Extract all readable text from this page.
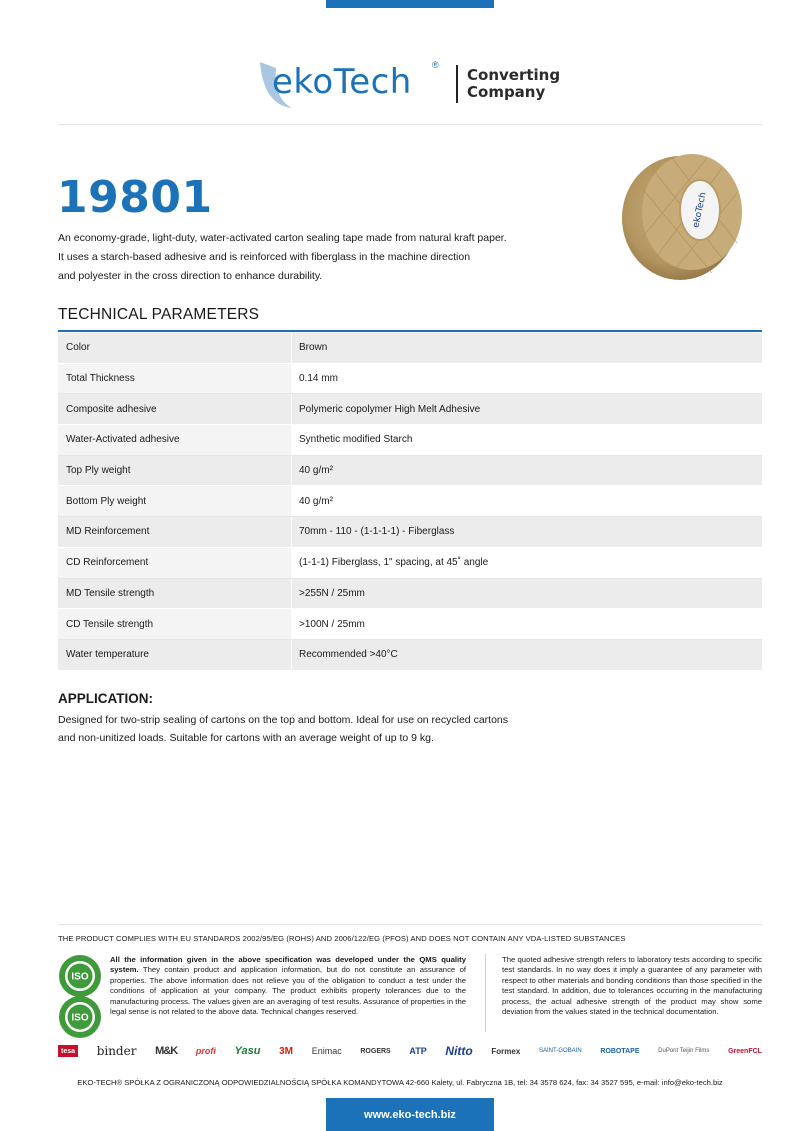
ekoTech ®
Converting
Company
19801

An economy-grade, light-duty, water-activated carton sealing tape made from natural kraft paper.

It uses a starch-based adhesive and is reinforced with fiberglass in the machine direction

and polyester in the cross direction to enhance durability.

ekoTech
TECHNICAL PARAMETERS
Color	Brown
Total Thickness	0.14 mm
Composite adhesive	Polymeric copolymer High Melt Adhesive
Water-Activated adhesive	Synthetic modified Starch
Top Ply weight	40 g/m²
Bottom Ply weight	40 g/m²
MD Reinforcement	70mm - 110 - (1-1-1-1) - Fiberglass
CD Reinforcement	(1-1-1) Fiberglass, 1" spacing, at 45˚ angle
MD Tensile strength	>255N / 25mm
CD Tensile strength	>100N / 25mm
Water temperature	Recommended >40°C
APPLICATION:

Designed for two-strip sealing of cartons on the top and bottom. Ideal for use on recycled cartons

and non-unitized loads. Suitable for cartons with an average weight of up to 9 kg.

THE PRODUCT COMPLIES WITH EU STANDARDS 2002/95/EG (ROHS) AND 2006/122/EG (PFOS) AND DOES NOT CONTAIN ANY VDA-LISTED SUBSTANCES
ISO
ISO
All the information given in the above specification was developed under the QMS quality system. They contain product and application information, but do not constitute an assurance of properties. The above information does not relieve you of the obligation to conduct a test under the conditions of application at your company. The product exhibits property tolerances due to the manufacturing process. The values given are an averaging of test results. Assurance of properties in the legal sense is not related to the above data. Technical changes reserved.
The quoted adhesive strength refers to laboratory tests according to specific test standards. In no way does it imply a guarantee of any parameter with respect to other materials and bonding conditions than those specified in the test standard. In addition, due to tolerances occurring in the manufacturing process, the actual adhesive strength of the product may show some deviation from the values stated in the technical documentation.
tesa binder M&K profi Yasu 3M Enimac	ROGERS ATP Nitto Formex	SAINT-GOBAIN	ROBOTAPE	DuPont Teijin Films	GreenFCL
EKO-TECH® SPÓŁKA Z OGRANICZONĄ ODPOWIEDZIALNOŚCIĄ SPÓŁKA KOMANDYTOWA 42-660 Kalety, ul. Fabryczna 1B, tel: 34 3578 624, fax: 34 3527 595, e-mail: info@eko-tech.biz
www.eko-tech.biz
